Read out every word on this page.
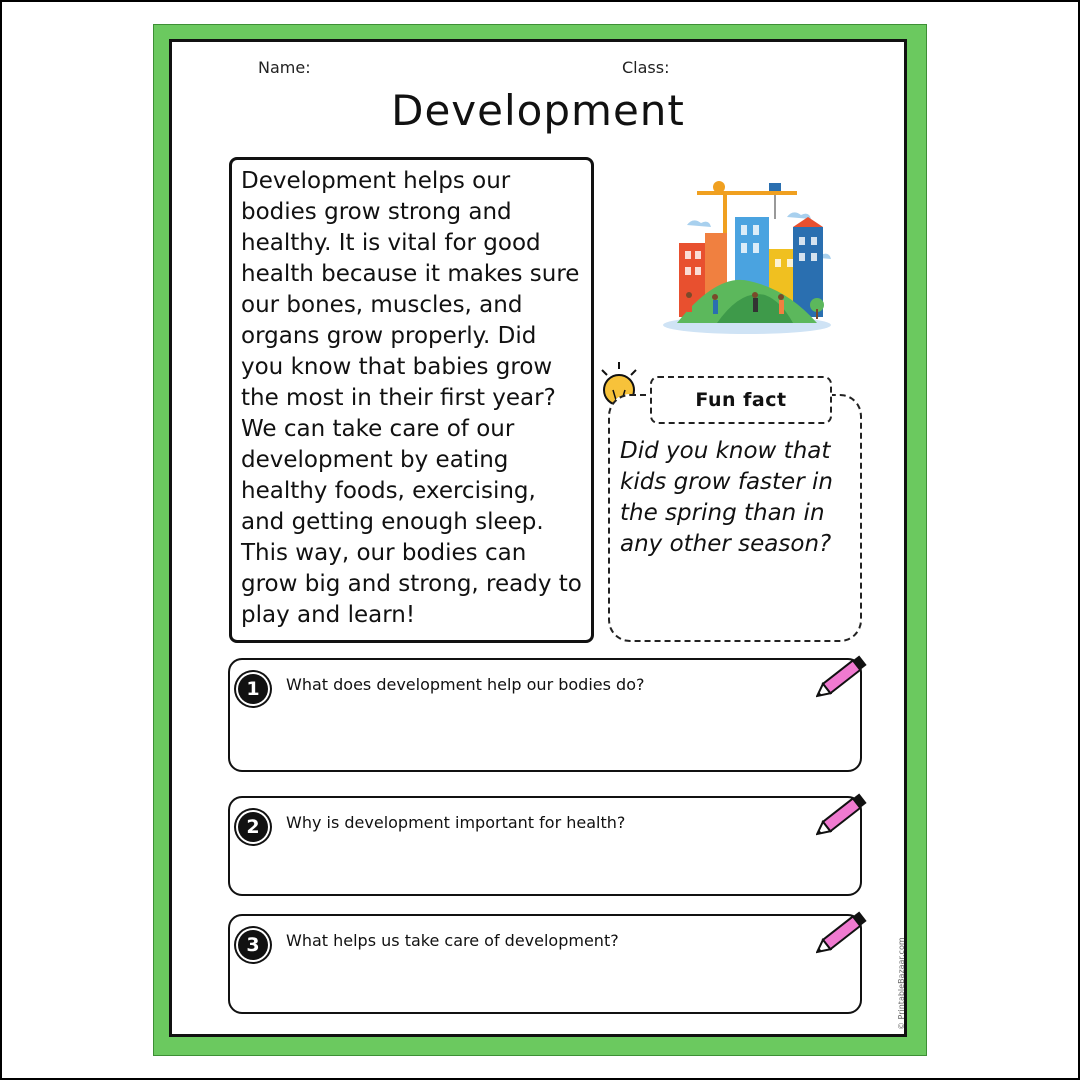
Name:	Class:
Development
Development helps our bodies grow strong and healthy. It is vital for good health because it makes sure our bones, muscles, and organs grow properly. Did you know that babies grow the most in their first year? We can take care of our development by eating healthy foods, exercising, and getting enough sleep. This way, our bodies can grow big and strong, ready to play and learn!
Fun fact
Did you know that kids grow faster in the spring than in any other season?
1	What does development help our bodies do?
2	Why is development important for health?
3	What helps us take care of development?	© PrintableBazaar.com
